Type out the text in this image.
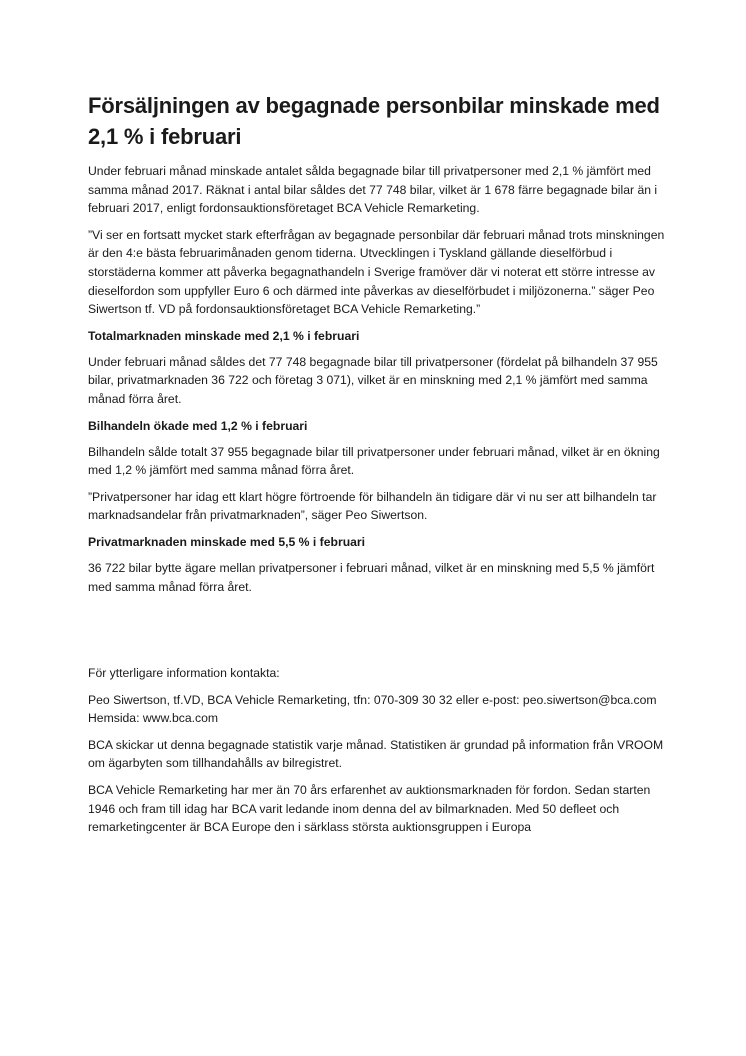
Försäljningen av begagnade personbilar minskade med 2,1 % i februari

Under februari månad minskade antalet sålda begagnade bilar till privatpersoner med 2,1 % jämfört med samma månad 2017. Räknat i antal bilar såldes det 77 748 bilar, vilket är 1 678 färre begagnade bilar än i februari 2017, enligt fordonsauktionsföretaget BCA Vehicle Remarketing.

”Vi ser en fortsatt mycket stark efterfrågan av begagnade personbilar där februari månad trots minskningen är den 4:e bästa februarimånaden genom tiderna. Utvecklingen i Tyskland gällande dieselförbud i storstäderna kommer att påverka begagnathandeln i Sverige framöver där vi noterat ett större intresse av dieselfordon som uppfyller Euro 6 och därmed inte påverkas av dieselförbudet i miljözonerna.” säger Peo Siwertson tf. VD på fordonsauktionsföretaget BCA Vehicle Remarketing.”

Totalmarknaden minskade med 2,1 % i februari

Under februari månad såldes det 77 748 begagnade bilar till privatpersoner (fördelat på bilhandeln 37 955 bilar, privatmarknaden 36 722 och företag 3 071), vilket är en minskning med 2,1 % jämfört med samma månad förra året.

Bilhandeln ökade med 1,2 % i februari

Bilhandeln sålde totalt 37 955 begagnade bilar till privatpersoner under februari månad, vilket är en ökning med 1,2 % jämfört med samma månad förra året.

”Privatpersoner har idag ett klart högre förtroende för bilhandeln än tidigare där vi nu ser att bilhandeln tar marknadsandelar från privatmarknaden”, säger Peo Siwertson.

Privatmarknaden minskade med 5,5 % i februari

36 722 bilar bytte ägare mellan privatpersoner i februari månad, vilket är en minskning med 5,5 % jämfört med samma månad förra året.

För ytterligare information kontakta:

Peo Siwertson, tf.VD, BCA Vehicle Remarketing, tfn: 070-309 30 32 eller e-post: peo.siwertson@bca.com Hemsida: www.bca.com

BCA skickar ut denna begagnade statistik varje månad. Statistiken är grundad på information från VROOM om ägarbyten som tillhandahålls av bilregistret.

BCA Vehicle Remarketing har mer än 70 års erfarenhet av auktionsmarknaden för fordon. Sedan starten 1946 och fram till idag har BCA varit ledande inom denna del av bilmarknaden. Med 50 defleet och remarketingcenter är BCA Europe den i särklass största auktionsgruppen i Europa
